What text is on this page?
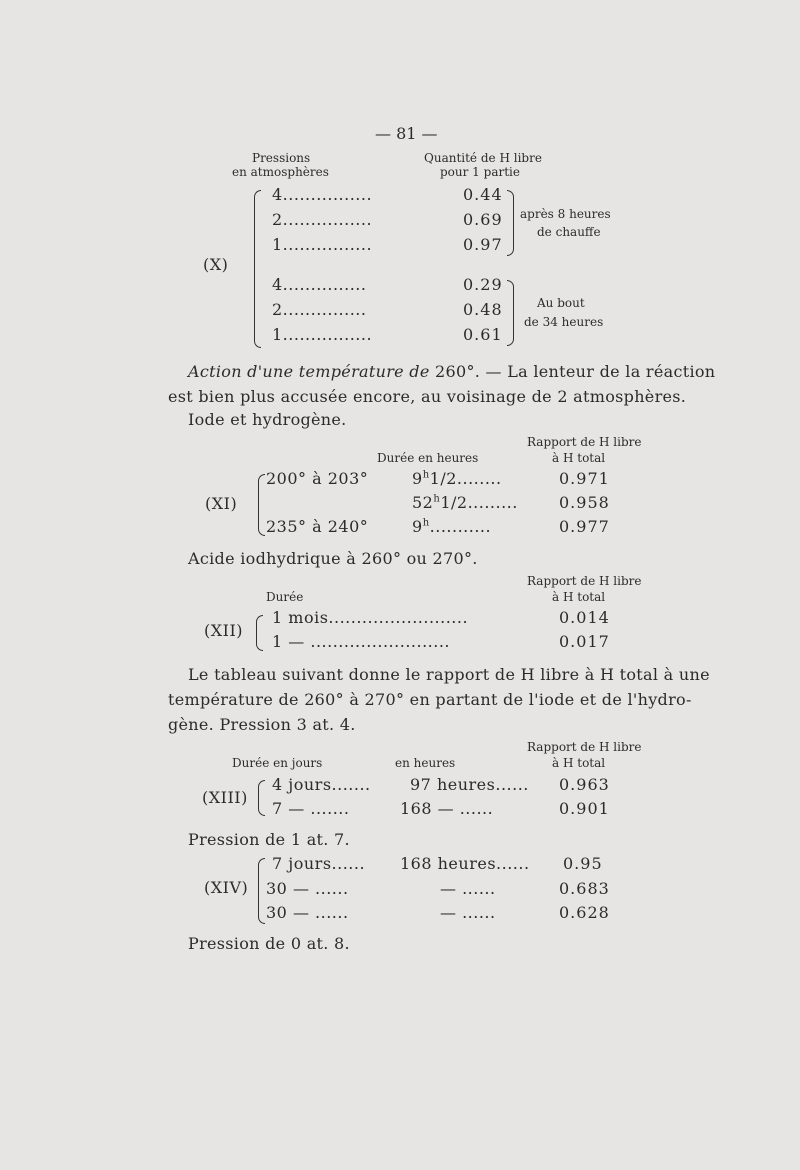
— 81 —
Pressions
en atmosphères
Quantité de H libre
pour 1 partie
(X)
4................
2................
1................
4...............
2...............
1................
0.44
0.69
0.97
0.29
0.48
0.61
après 8 heures
de chauffe
Au bout
de 34 heures
Action d'une température de 260°. — La lenteur de la réaction
est bien plus accusée encore, au voisinage de 2 atmosphères.
Iode et hydrogène.
Rapport de H libre
à H total
Durée en heures
(XI)
200° à 203°
235° à 240°
9$^h$1/2........
52$^h$1/2.........
9$^h$...........
0.971
0.958
0.977
Acide iodhydrique à 260° ou 270°.
Rapport de H libre
à H total
Durée
(XII)
1 mois.........................
1 — .........................
0.014
0.017
Le tableau suivant donne le rapport de H libre à H total à une
température de 260° à 270° en partant de l'iode et de l'hydro-
gène. Pression 3 at. 4.
Rapport de H libre
à H total
Durée en jours	en heures
(XIII)
4 jours.......
7 — .......
97 heures......
168 — ......
0.963
0.901
Pression de 1 at. 7.
(XIV)
7 jours......
30 — ......
30 — ......
168 heures......
— ......
— ......
0.95
0.683
0.628
Pression de 0 at. 8.
